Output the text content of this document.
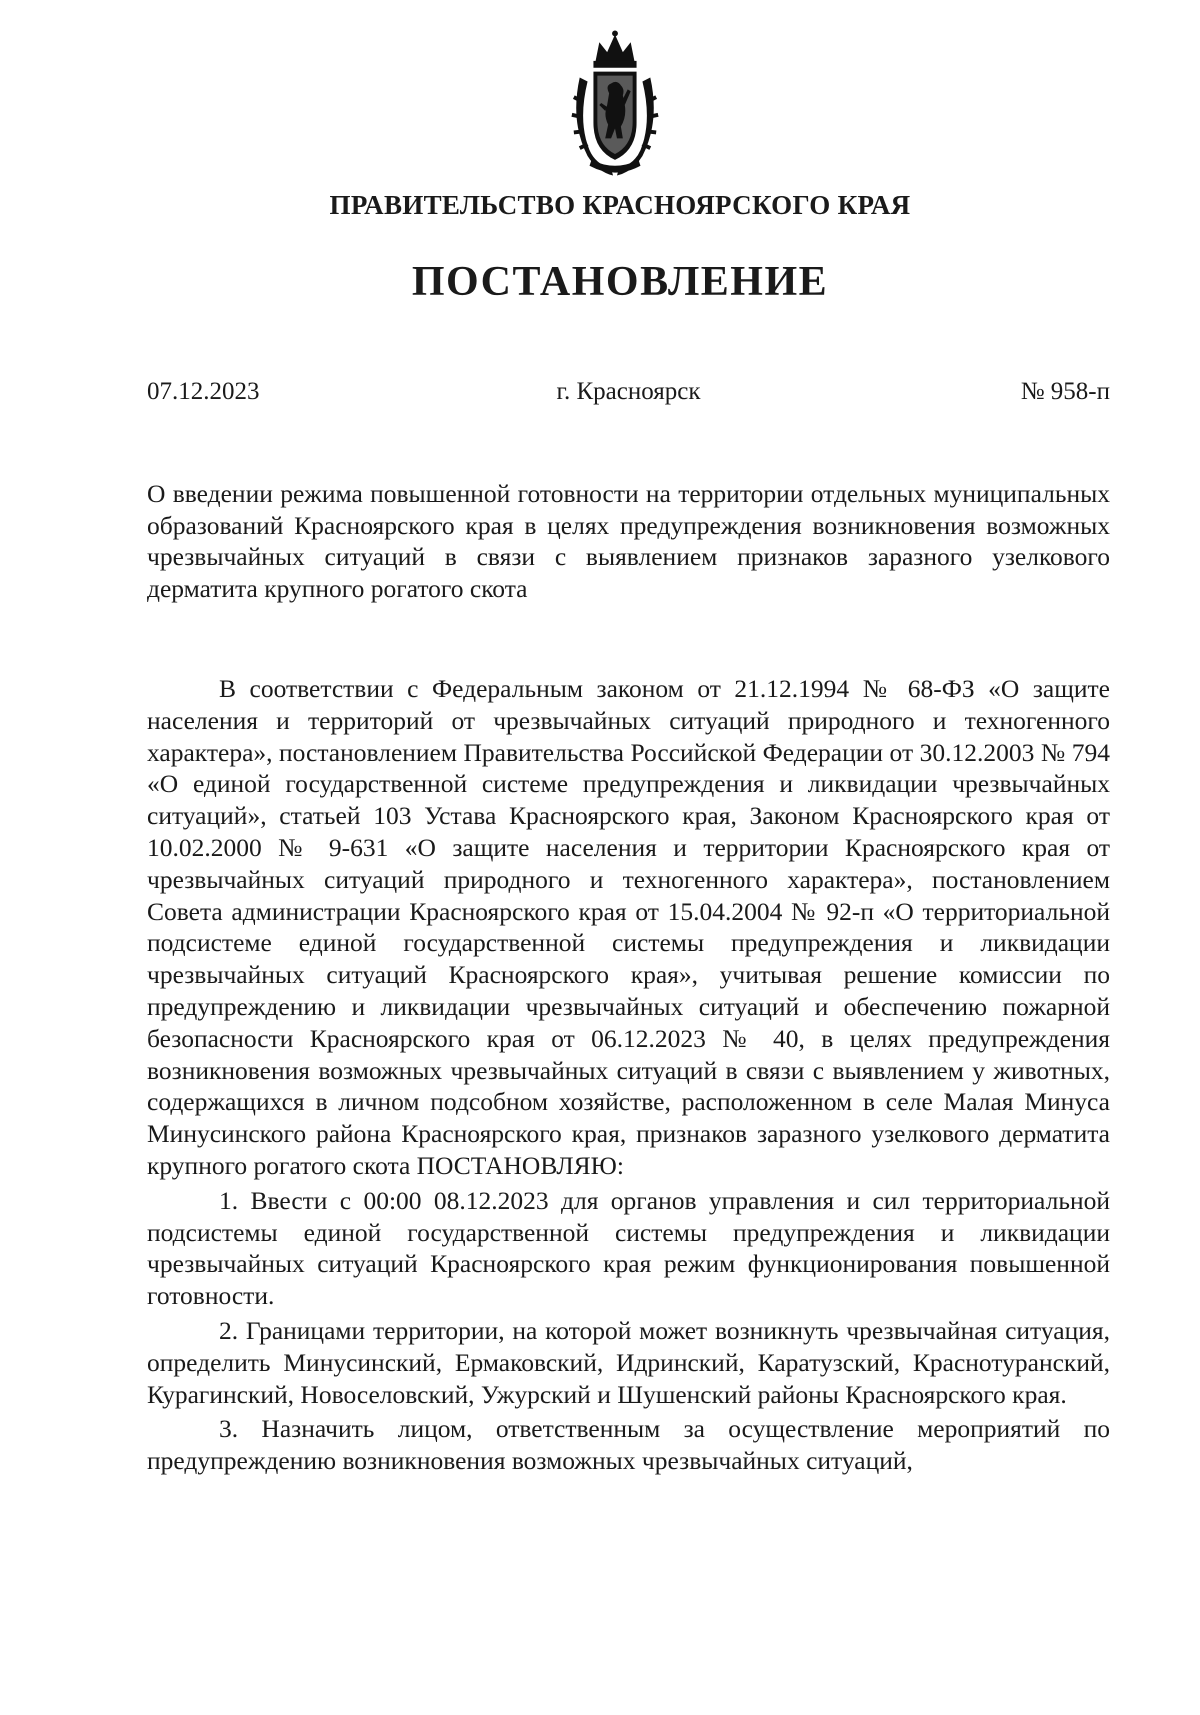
ПРАВИТЕЛЬСТВО КРАСНОЯРСКОГО КРАЯ
ПОСТАНОВЛЕНИЕ
07.12.2023	г. Красноярск	№ 958-п
О введении режима повышенной готовности на территории отдельных муниципальных образований Красноярского края в целях предупреждения возникновения возможных чрезвычайных ситуаций в связи с выявлением признаков заразного узелкового дерматита крупного рогатого скота

В соответствии с Федеральным законом от 21.12.1994 № 68-ФЗ «О защите населения и территорий от чрезвычайных ситуаций природного и техногенного характера», постановлением Правительства Российской Федерации от 30.12.2003 № 794 «О единой государственной системе предупреждения и ликвидации чрезвычайных ситуаций», статьей 103 Устава Красноярского края, Законом Красноярского края от 10.02.2000 № 9-631 «О защите населения и территории Красноярского края от чрезвычайных ситуаций природного и техногенного характера», постановлением Совета администрации Красноярского края от 15.04.2004 № 92-п «О территориальной подсистеме единой государственной системы предупреждения и ликвидации чрезвычайных ситуаций Красноярского края», учитывая решение комиссии по предупреждению и ликвидации чрезвычайных ситуаций и обеспечению пожарной безопасности Красноярского края от 06.12.2023 № 40, в целях предупреждения возникновения возможных чрезвычайных ситуаций в связи с выявлением у животных, содержащихся в личном подсобном хозяйстве, расположенном в селе Малая Минуса Минусинского района Красноярского края, признаков заразного узелкового дерматита крупного рогатого скота ПОСТАНОВЛЯЮ:

1. Ввести с 00:00 08.12.2023 для органов управления и сил территориальной подсистемы единой государственной системы предупреждения и ликвидации чрезвычайных ситуаций Красноярского края режим функционирования повышенной готовности.

2. Границами территории, на которой может возникнуть чрезвычайная ситуация, определить Минусинский, Ермаковский, Идринский, Каратузский, Краснотуранский, Курагинский, Новоселовский, Ужурский и Шушенский районы Красноярского края.

3. Назначить лицом, ответственным за осуществление мероприятий по предупреждению возникновения возможных чрезвычайных ситуаций,
